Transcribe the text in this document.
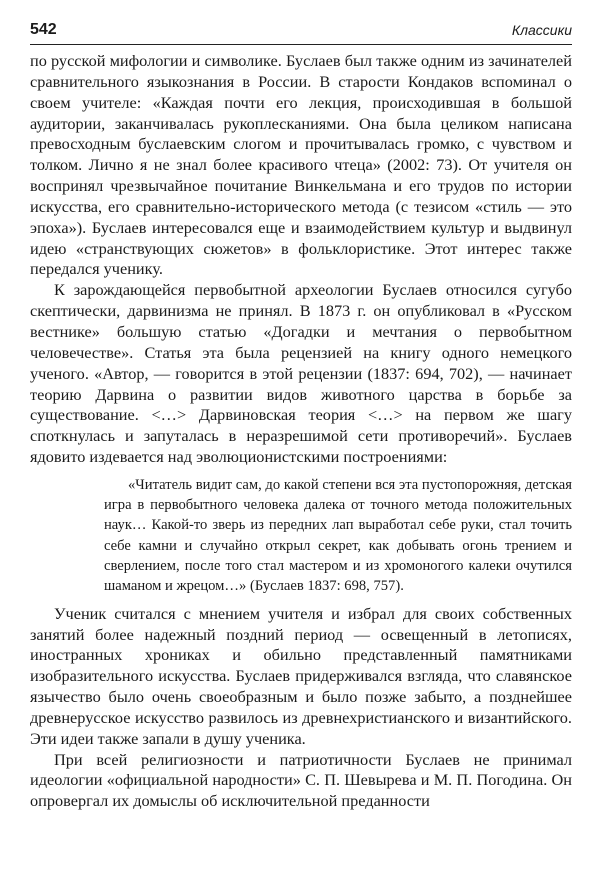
542	Классики

по русской мифологии и символике. Буслаев был также одним из зачинателей сравнительного языкознания в России. В старости Кондаков вспоминал о своем учителе: «Каждая почти его лекция, происходившая в большой аудитории, заканчивалась рукоплесканиями. Она была целиком написана превосходным буслаевским слогом и прочитывалась громко, с чувством и толком. Лично я не знал более красивого чтеца» (2002: 73). От учителя он воспринял чрезвычайное почитание Винкельмана и его трудов по истории искусства, его сравнительно-исторического метода (с тезисом «стиль — это эпоха»). Буслаев интересовался еще и взаимодействием культур и выдвинул идею «странствующих сюжетов» в фольклористике. Этот интерес также передался ученику.

К зарождающейся первобытной археологии Буслаев относился сугубо скептически, дарвинизма не принял. В 1873 г. он опубликовал в «Русском вестнике» большую статью «Догадки и мечтания о первобытном человечестве». Статья эта была рецензией на книгу одного немецкого ученого. «Автор, — говорится в этой рецензии (1837: 694, 702), — начинает теорию Дарвина о развитии видов животного царства в борьбе за существование. <…> Дарвиновская теория <…> на первом же шагу споткнулась и запуталась в неразрешимой сети противоречий». Буслаев ядовито издевается над эволюционистскими построениями:

«Читатель видит сам, до какой степени вся эта пустопорожняя, детская игра в первобытного человека далека от точного метода положительных наук… Какой-то зверь из передних лап выработал себе руки, стал точить себе камни и случайно открыл секрет, как добывать огонь трением и сверлением, после того стал мастером и из хромоногого калеки очутился шаманом и жрецом…» (Буслаев 1837: 698, 757).

Ученик считался с мнением учителя и избрал для своих собственных занятий более надежный поздний период — освещенный в летописях, иностранных хрониках и обильно представленный памятниками изобразительного искусства. Буслаев придерживался взгляда, что славянское язычество было очень своеобразным и было позже забыто, а позднейшее древнерусское искусство развилось из древнехристианского и византийского. Эти идеи также запали в душу ученика.

При всей религиозности и патриотичности Буслаев не принимал идеологии «официальной народности» С. П. Шевырева и М. П. Погодина. Он опровергал их домыслы об исключительной преданности
